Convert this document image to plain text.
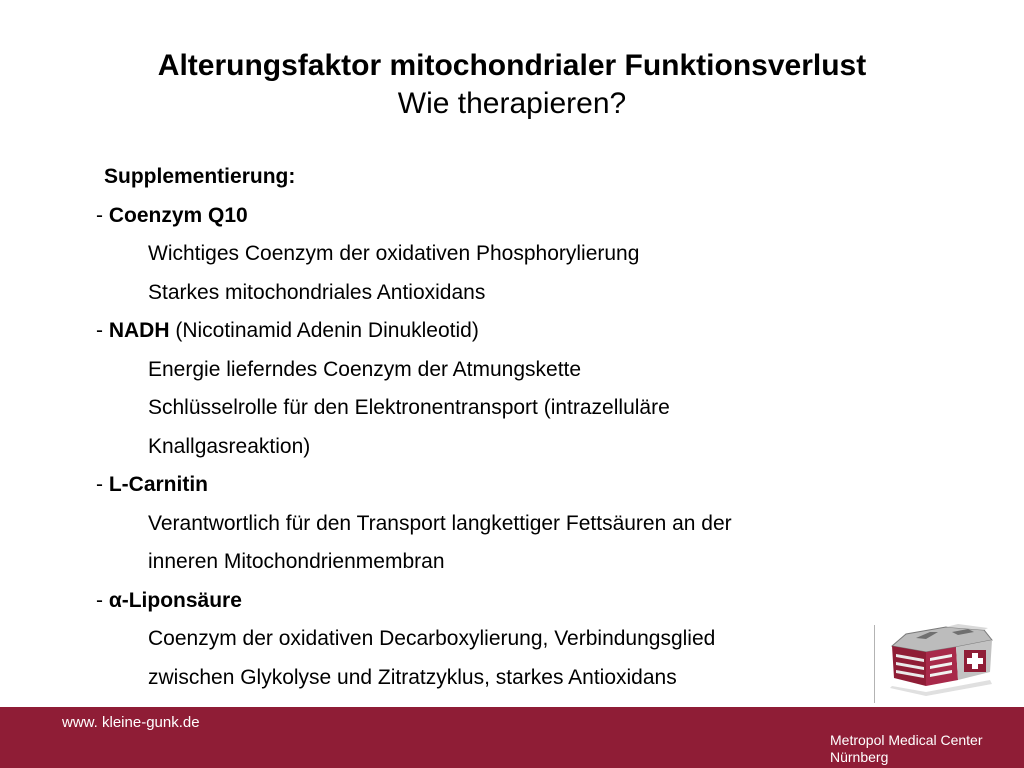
Alterungsfaktor mitochondrialer Funktionsverlust
Wie therapieren?
Supplementierung:
- Coenzym Q10
Wichtiges Coenzym der oxidativen Phosphorylierung
Starkes mitochondriales Antioxidans
- NADH (Nicotinamid Adenin Dinukleotid)
Energie lieferndes Coenzym der Atmungskette
Schlüsselrolle für den Elektronentransport (intrazelluläre
Knallgasreaktion)
- L-Carnitin
Verantwortlich für den Transport langkettiger Fettsäuren an der
inneren Mitochondrienmembran
- α-Liponsäure
Coenzym der oxidativen Decarboxylierung, Verbindungsglied
zwischen Glykolyse und Zitratzyklus, starkes Antioxidans
www. kleine-gunk.de
Metropol Medical Center
Nürnberg
